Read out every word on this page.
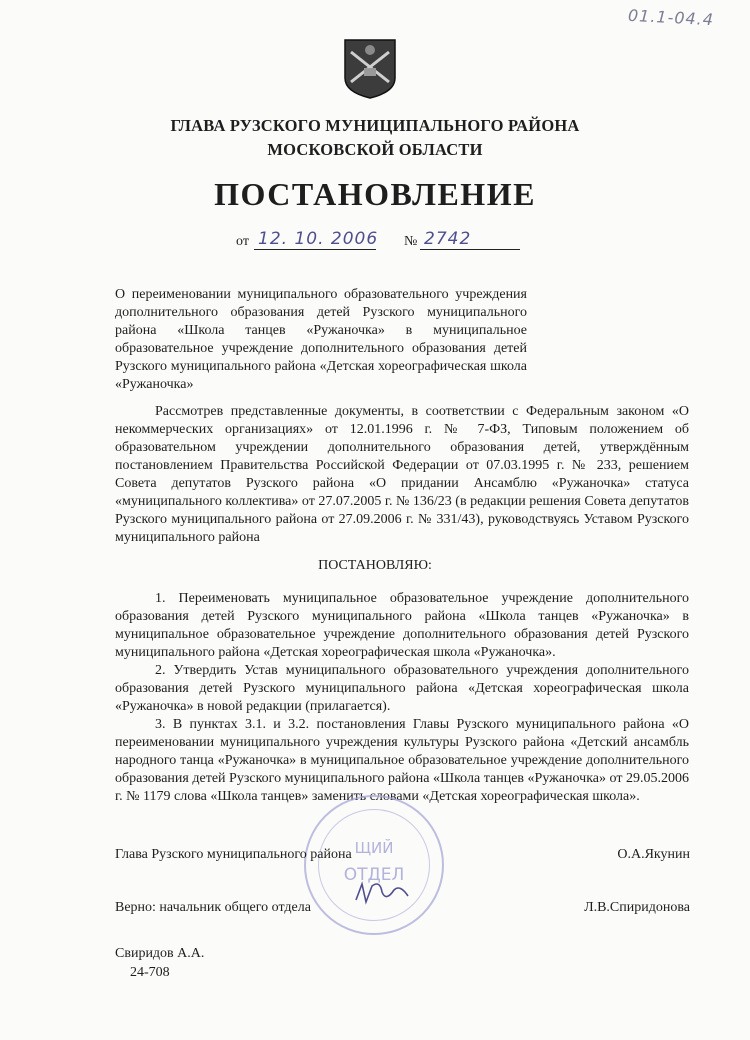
01.1-04.4
ГЛАВА РУЗСКОГО МУНИЦИПАЛЬНОГО РАЙОНА
МОСКОВСКОЙ ОБЛАСТИ
ПОСТАНОВЛЕНИЕ
от 12. 10. 2006 № 2742

О переименовании муниципального образовательного учреждения дополнительного образования детей Рузского муниципального района «Школа танцев «Ружаночка» в муниципальное образовательное учреждение дополнительного образования детей Рузского муниципального района «Детская хореографическая школа «Ружаночка»

Рассмотрев представленные документы, в соответствии с Федеральным законом «О некоммерческих организациях» от 12.01.1996 г. № 7-ФЗ, Типовым положением об образовательном учреждении дополнительного образования детей, утверждённым постановлением Правительства Российской Федерации от 07.03.1995 г. № 233, решением Совета депутатов Рузского района «О придании Ансамблю «Ружаночка» статуса «муниципального коллектива» от 27.07.2005 г. № 136/23 (в редакции решения Совета депутатов Рузского муниципального района от 27.09.2006 г. № 331/43), руководствуясь Уставом Рузского муниципального района

ПОСТАНОВЛЯЮ:

1. Переименовать муниципальное образовательное учреждение дополнительного образования детей Рузского муниципального района «Школа танцев «Ружаночка» в муниципальное образовательное учреждение дополнительного образования детей Рузского муниципального района «Детская хореографическая школа «Ружаночка».

2. Утвердить Устав муниципального образовательного учреждения дополнительного образования детей Рузского муниципального района «Детская хореографическая школа «Ружаночка» в новой редакции (прилагается).

3. В пунктах 3.1. и 3.2. постановления Главы Рузского муниципального района «О переименовании муниципального учреждения культуры Рузского района «Детский ансамбль народного танца «Ружаночка» в муниципальное образовательное учреждение дополнительного образования детей Рузского муниципального района «Школа танцев «Ружаночка» от 29.05.2006 г. № 1179 слова «Школа танцев» заменить словами «Детская хореографическая школа».

ЩИЙ
ОТДЕЛ
Глава Рузского муниципального района	О.А.Якунин
Верно: начальник общего отдела	Л.В.Спиридонова
Свиридов А.А.
24-708
